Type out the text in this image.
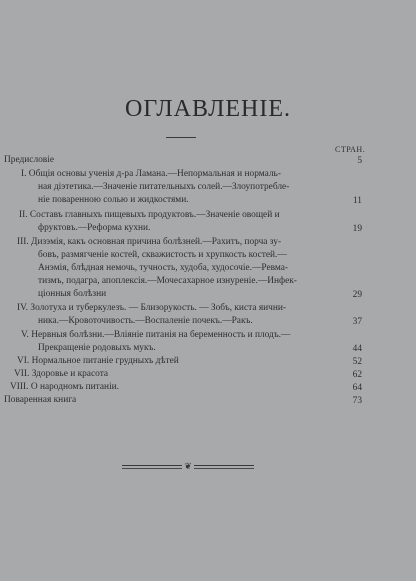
ОГЛАВЛЕНІЕ.
СТРАН.
Предисловіе	5
I. Общія основы ученія д-ра Ламана.—Непормальная и нормаль-
ная діэтетика.—Значеніе питательныхъ солей.—Злоупотребле-
ніе поваренною солью и жидкостями.	11
II. Составъ главныхъ пищевыхъ продуктовъ.—Значеніе овощей и
фруктовъ.—Реформа кухни.	19
III. Дизэмія, какъ основная причина болѣзней.—Рахитъ, порча зу-
бовъ, размягченіе костей, скважистость и хрупкость костей.—
Анэмія, блѣдная немочь, тучность, худоба, худосочіе.—Ревма-
тизмъ, подагра, апоплексія.—Мочесахарное изнуреніе.—Инфек-
ціонныя болѣзни	29
IV. Золотуха и туберкулезъ. — Близорукость. — Зобъ, киста яични-
ника.—Кровоточивость.—Воспаленіе почекъ.—Ракъ.	37
V. Нервныя болѣзни.—Вліяніе питанія на беременность и плодъ.—
Прекращеніе родовыхъ мукъ.	44
VI. Нормальное питаніе грудныхъ дѣтей	52
VII. Здоровье и красота	62
VIII. О народномъ питаніи.	64
Поваренная книга	73
❦
